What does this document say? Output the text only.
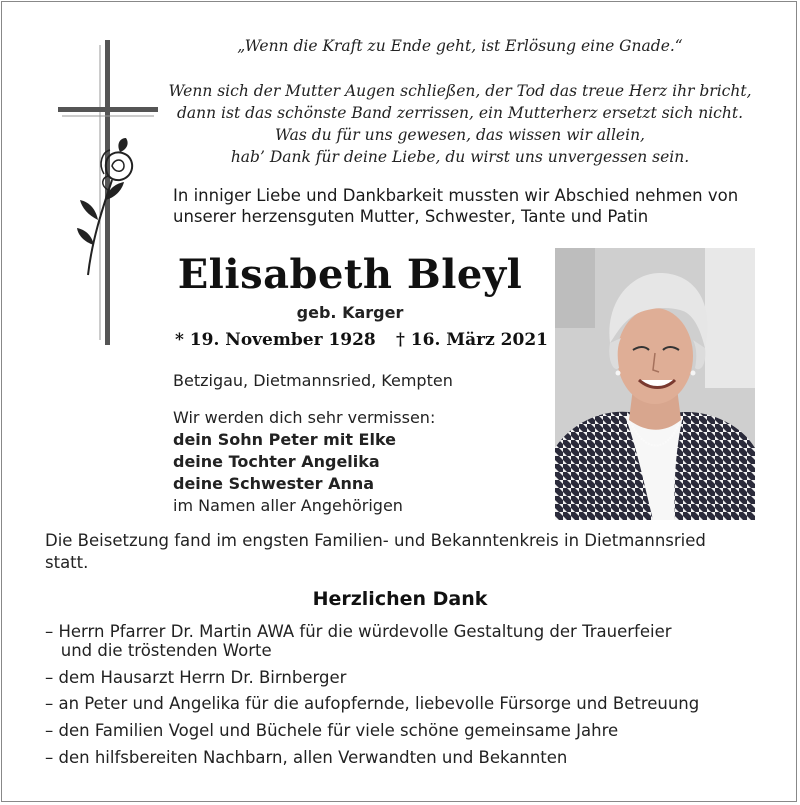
„Wenn die Kraft zu Ende geht, ist Erlösung eine Gnade.“
Wenn sich der Mutter Augen schließen, der Tod das treue Herz ihr bricht,
dann ist das schönste Band zerrissen, ein Mutterherz ersetzt sich nicht.
Was du für uns gewesen, das wissen wir allein,
hab’ Dank für deine Liebe, du wirst uns unvergessen sein.
In inniger Liebe und Dankbarkeit mussten wir Abschied nehmen von
unserer herzensguten Mutter, Schwester, Tante und Patin
Elisabeth Bleyl
geb. Karger
* 19. November 1928 † 16. März 2021
Betzigau, Dietmannsried, Kempten
Wir werden dich sehr vermissen:
dein Sohn Peter mit Elke
deine Tochter Angelika
deine Schwester Anna
im Namen aller Angehörigen
Die Beisetzung fand im engsten Familien- und Bekanntenkreis in Dietmannsried
statt.
Herzlichen Dank
– Herrn Pfarrer Dr. Martin AWA für die würdevolle Gestaltung der Trauerfeier
und die tröstenden Worte
– dem Hausarzt Herrn Dr. Birnberger
– an Peter und Angelika für die aufopfernde, liebevolle Fürsorge und Betreuung
– den Familien Vogel und Büchele für viele schöne gemeinsame Jahre
– den hilfsbereiten Nachbarn, allen Verwandten und Bekannten
